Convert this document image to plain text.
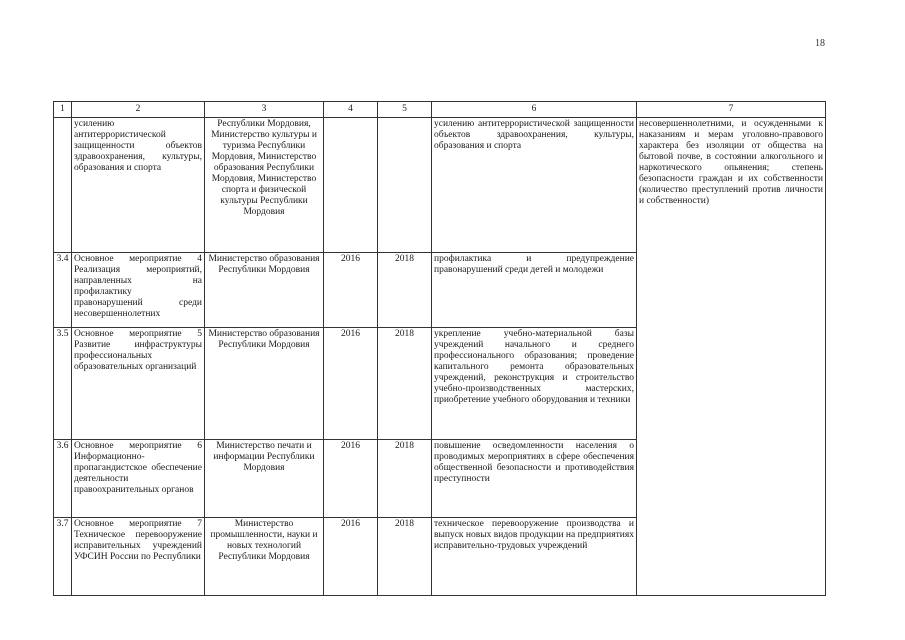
18
1	2	3	4	5	6	7
	усилению антитеррористической защищенности объектов здравоохранения, культуры, образования и спорта	Республики Мордовия, Министерство культуры и туризма Республики Мордовия, Министерство образования Республики Мордовия, Министерство спорта и физической культуры Республики Мордовия			усилению антитеррористической защищенности объектов здравоохранения, культуры, образования и спорта	несовершеннолетними, и осужденными к наказаниям и мерам уголовно-правового характера без изоляции от общества на бытовой почве, в состоянии алкогольного и наркотического опьянения; степень безопасности граждан и их собственности (количество преступлений против личности и собственности)
3.4	Основное мероприятие 4 Реализация мероприятий, направленных на профилактику правонарушений среди несовершеннолетних	Министерство образования Республики Мордовия	2016	2018	профилактика и предупреждение правонарушений среди детей и молодежи	
3.5	Основное мероприятие 5 Развитие инфраструктуры профессиональных образовательных организаций	Министерство образования Республики Мордовия	2016	2018	укрепление учебно-материальной базы учреждений начального и среднего профессионального образования; проведение капитального ремонта образовательных учреждений, реконструкция и строительство учебно-производственных мастерских, приобретение учебного оборудования и техники	
3.6	Основное мероприятие 6 Информационно-пропагандистское обеспечение деятельности правоохранительных органов	Министерство печати и информации Республики Мордовия	2016	2018	повышение осведомленности населения о проводимых мероприятиях в сфере обеспечения общественной безопасности и противодействия преступности	
3.7	Основное мероприятие 7 Техническое перевооружение исправительных учреждений УФСИН России по Республики	Министерство промышленности, науки и новых технологий Республики Мордовия	2016	2018	техническое перевооружение производства и выпуск новых видов продукции на предприятиях исправительно-трудовых учреждений	
